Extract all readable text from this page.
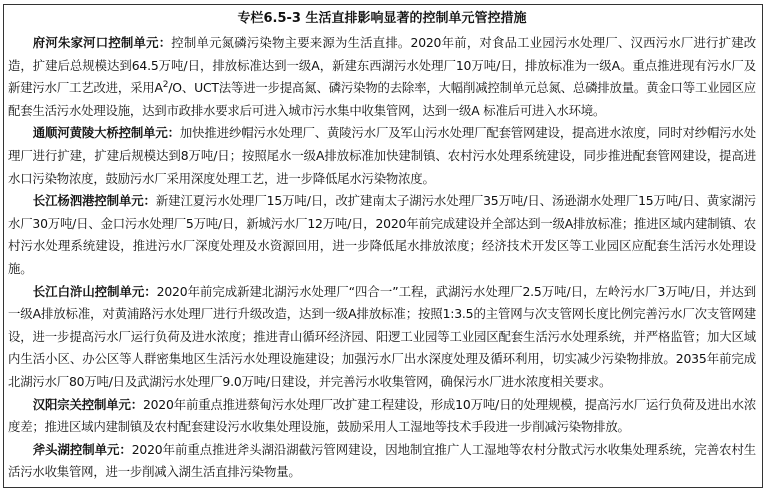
专栏6.5-3 生活直排影响显著的控制单元管控措施

府河朱家河口控制单元：控制单元氮磷污染物主要来源为生活直排。2020年前，对食品工业园污水处理厂、汉西污水厂进行扩建改造，扩建后总规模达到64.5万吨/日，排放标准达到一级A，新建东西湖污水处理厂10万吨/日，排放标准为一级A。重点推进现有污水厂及新建污水厂工艺改进，采用$A^2/O$、UCT法等进一步提高氮、磷污染物的去除率，大幅削减控制单元总氮、总磷排放量。黄金口等工业园区应配套生活污水处理设施，达到市政排水要求后可进入城市污水集中收集管网，达到一级A 标准后可进入水环境。

通顺河黄陵大桥控制单元：加快推进纱帽污水处理厂、黄陵污水厂及军山污水处理厂配套管网建设，提高进水浓度，同时对纱帽污水处理厂进行扩建，扩建后规模达到8万吨/日；按照尾水一级A排放标准加快建制镇、农村污水处理系统建设，同步推进配套管网建设，提高进水口污染物浓度，鼓励污水厂采用深度处理工艺，进一步降低尾水污染物浓度。

长江杨泗港控制单元：新建江夏污水处理厂15万吨/日，改扩建南太子湖污水处理厂35万吨/日、汤逊湖水处理厂15万吨/日、黄家湖污水厂30万吨/日、金口污水处理厂5万吨/日，新城污水厂12万吨/日，2020年前完成建设并全部达到一级A排放标准；推进区域内建制镇、农村污水处理系统建设，推进污水厂深度处理及水资源回用，进一步降低尾水排放浓度；经济技术开发区等工业园区应配套生活污水处理设施。

长江白浒山控制单元：2020年前完成新建北湖污水处理厂“四合一”工程，武湖污水处理厂2.5万吨/日，左岭污水厂3万吨/日，并达到一级A排放标准，对黄浦路污水处理厂进行升级改造，达到一级A排放标准；按照1:3.5的主管网与次支管网长度比例完善污水厂次支管网建设，进一步提高污水厂运行负荷及进水浓度；推进青山循环经济园、阳逻工业园等工业园区配套生活污水处理系统，并严格监管；加大区域内生活小区、办公区等人群密集地区生活污水处理设施建设；加强污水厂出水深度处理及循环利用，切实减少污染物排放。2035年前完成北湖污水厂80万吨/日及武湖污水处理厂9.0万吨/日建设，并完善污水收集管网，确保污水厂进水浓度相关要求。

汉阳宗关控制单元：2020年前重点推进蔡甸污水处理厂改扩建工程建设，形成10万吨/日的处理规模，提高污水厂运行负荷及进出水浓度差；推进区域内建制镇及农村配套建设污水收集处理设施，鼓励采用人工湿地等技术手段进一步削减污染物排放。

斧头湖控制单元：2020年前重点推进斧头湖沿湖截污管网建设，因地制宜推广人工湿地等农村分散式污水收集处理系统，完善农村生活污水收集管网，进一步削减入湖生活直排污染物量。
